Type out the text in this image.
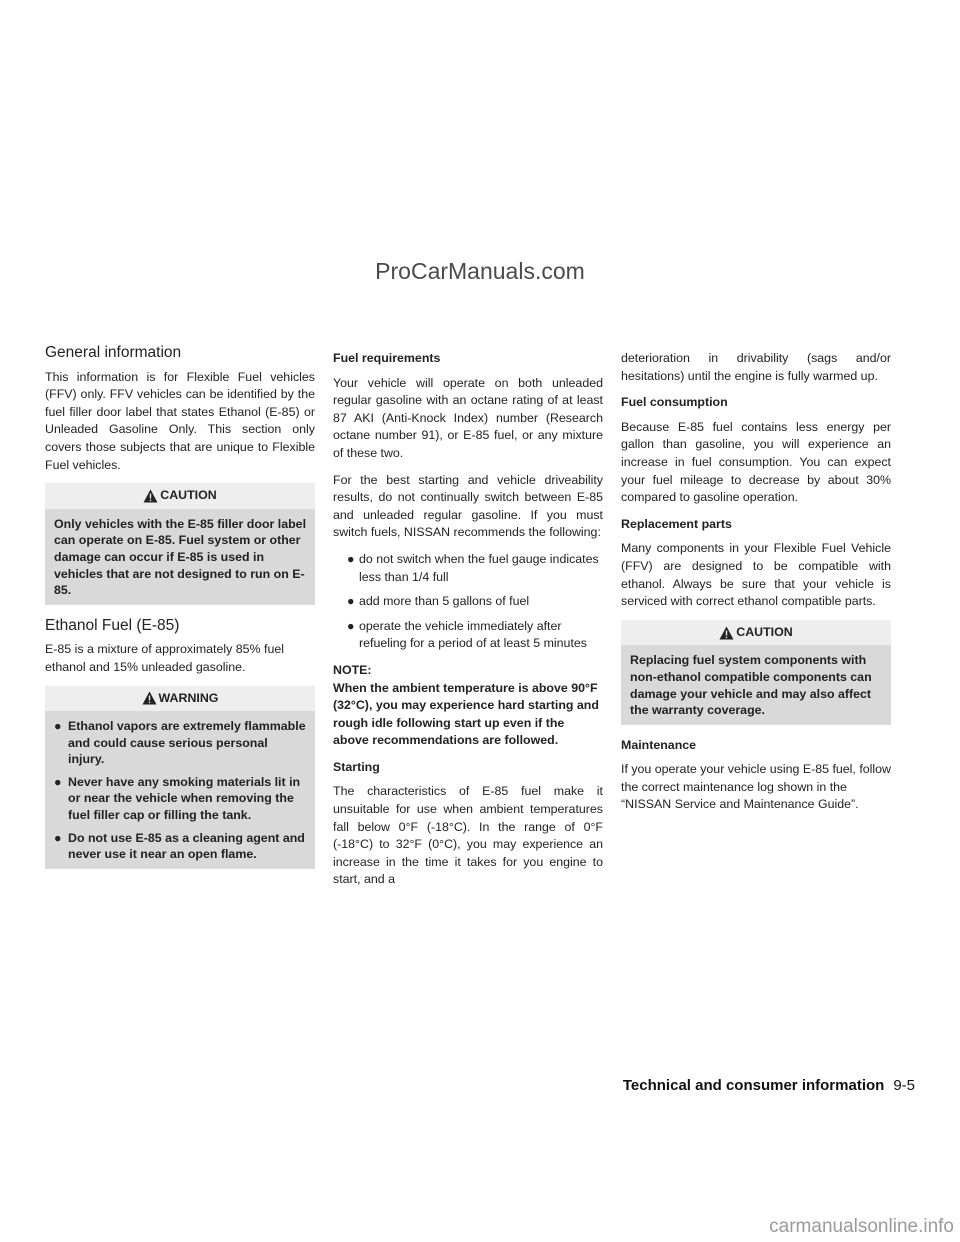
ProCarManuals.com
General information

This information is for Flexible Fuel vehicles (FFV) only. FFV vehicles can be identified by the fuel filler door label that states Ethanol (E-85) or Unleaded Gasoline Only. This section only covers those subjects that are unique to Flexible Fuel vehicles.

CAUTION
Only vehicles with the E-85 filler door label can operate on E-85. Fuel system or other damage can occur if E-85 is used in vehicles that are not designed to run on E-85.
Ethanol Fuel (E-85)

E-85 is a mixture of approximately 85% fuel ethanol and 15% unleaded gasoline.

WARNING
● Ethanol vapors are extremely flammable and could cause serious personal injury.
● Never have any smoking materials lit in or near the vehicle when removing the fuel filler cap or filling the tank.
● Do not use E-85 as a cleaning agent and never use it near an open flame.
Fuel requirements

Your vehicle will operate on both unleaded regular gasoline with an octane rating of at least 87 AKI (Anti-Knock Index) number (Research octane number 91), or E-85 fuel, or any mixture of these two.

For the best starting and vehicle driveability results, do not continually switch between E-85 and unleaded regular gasoline. If you must switch fuels, NISSAN recommends the following:

● do not switch when the fuel gauge indicates less than 1/4 full
● add more than 5 gallons of fuel
● operate the vehicle immediately after refueling for a period of at least 5 minutes
NOTE:
When the ambient temperature is above 90°F (32°C), you may experience hard starting and rough idle following start up even if the above recommendations are followed.
Starting

The characteristics of E-85 fuel make it unsuitable for use when ambient temperatures fall below 0°F (-18°C). In the range of 0°F (-18°C) to 32°F (0°C), you may experience an increase in the time it takes for you engine to start, and a

deterioration in drivability (sags and/or hesitations) until the engine is fully warmed up.

Fuel consumption

Because E-85 fuel contains less energy per gallon than gasoline, you will experience an increase in fuel consumption. You can expect your fuel mileage to decrease by about 30% compared to gasoline operation.

Replacement parts

Many components in your Flexible Fuel Vehicle (FFV) are designed to be compatible with ethanol. Always be sure that your vehicle is serviced with correct ethanol compatible parts.

CAUTION
Replacing fuel system components with non-ethanol compatible components can damage your vehicle and may also affect the warranty coverage.
Maintenance

If you operate your vehicle using E-85 fuel, follow the correct maintenance log shown in the “NISSAN Service and Maintenance Guide”.

Technical and consumer information 9-5
carmanualsonline.info
